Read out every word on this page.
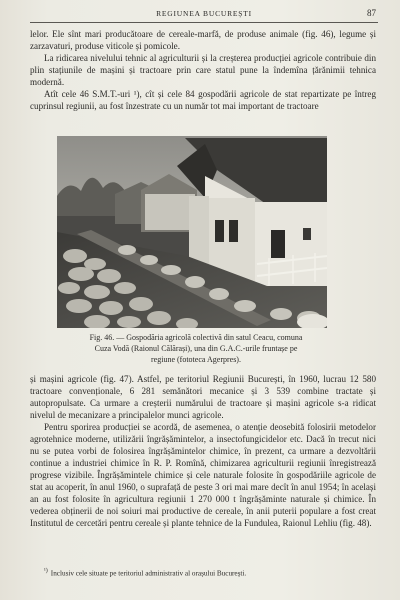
REGIUNEA BUCUREȘTI	87

lelor. Ele sînt mari producătoare de cereale-marfă, de produse animale (fig. 46), legume și zarzavaturi, produse viticole și pomicole.

La ridicarea nivelului tehnic al agriculturii și la creșterea producției agricole contribuie din plin stațiunile de mașini și tractoare prin care statul pune la îndemîna țărănimii tehnica modernă.

Atît cele 46 S.M.T.-uri ¹), cît și cele 84 gospodării agricole de stat repartizate pe întreg cuprinsul regiunii, au fost înzestrate cu un număr tot mai important de tractoare

Fig. 46. — Gospodăria agricolă colectivă din satul Ceacu, comuna

Cuza Vodă (Raionul Călărași), una din G.A.C.-urile fruntașe pe

regiune (fototeca Agerpres).

și mașini agricole (fig. 47). Astfel, pe teritoriul Regiunii București, în 1960, lucrau 12 580 tractoare convenționale, 6 281 semănători mecanice și 3 539 combine tractate și autopropulsate. Ca urmare a creșterii numărului de tractoare și mașini agricole s-a ridicat nivelul de mecanizare a principalelor munci agricole.

Pentru sporirea producției se acordă, de asemenea, o atenție deosebită folosirii metodelor agrotehnice moderne, utilizării îngrășămintelor, a insectofungicidelor etc. Dacă în trecut nici nu se putea vorbi de folosirea îngrășămintelor chimice, în prezent, ca urmare a dezvoltării continue a industriei chimice în R. P. Romînă, chimizarea agriculturii regiunii înregistrează progrese vizibile. Îngrășămintele chimice și cele naturale folosite în gospodăriile agricole de stat au acoperit, în anul 1960, o suprafață de peste 3 ori mai mare decît în anul 1954; în același an au fost folosite în agricultura regiunii 1 270 000 t îngrășăminte naturale și chimice. În vederea obținerii de noi soiuri mai productive de cereale, în anii puterii populare a fost creat Institutul de cercetări pentru cereale și plante tehnice de la Fundulea, Raionul Lehliu (fig. 48).

$^{^1)}$ Inclusiv cele situate pe teritoriul administrativ al orașului București.
